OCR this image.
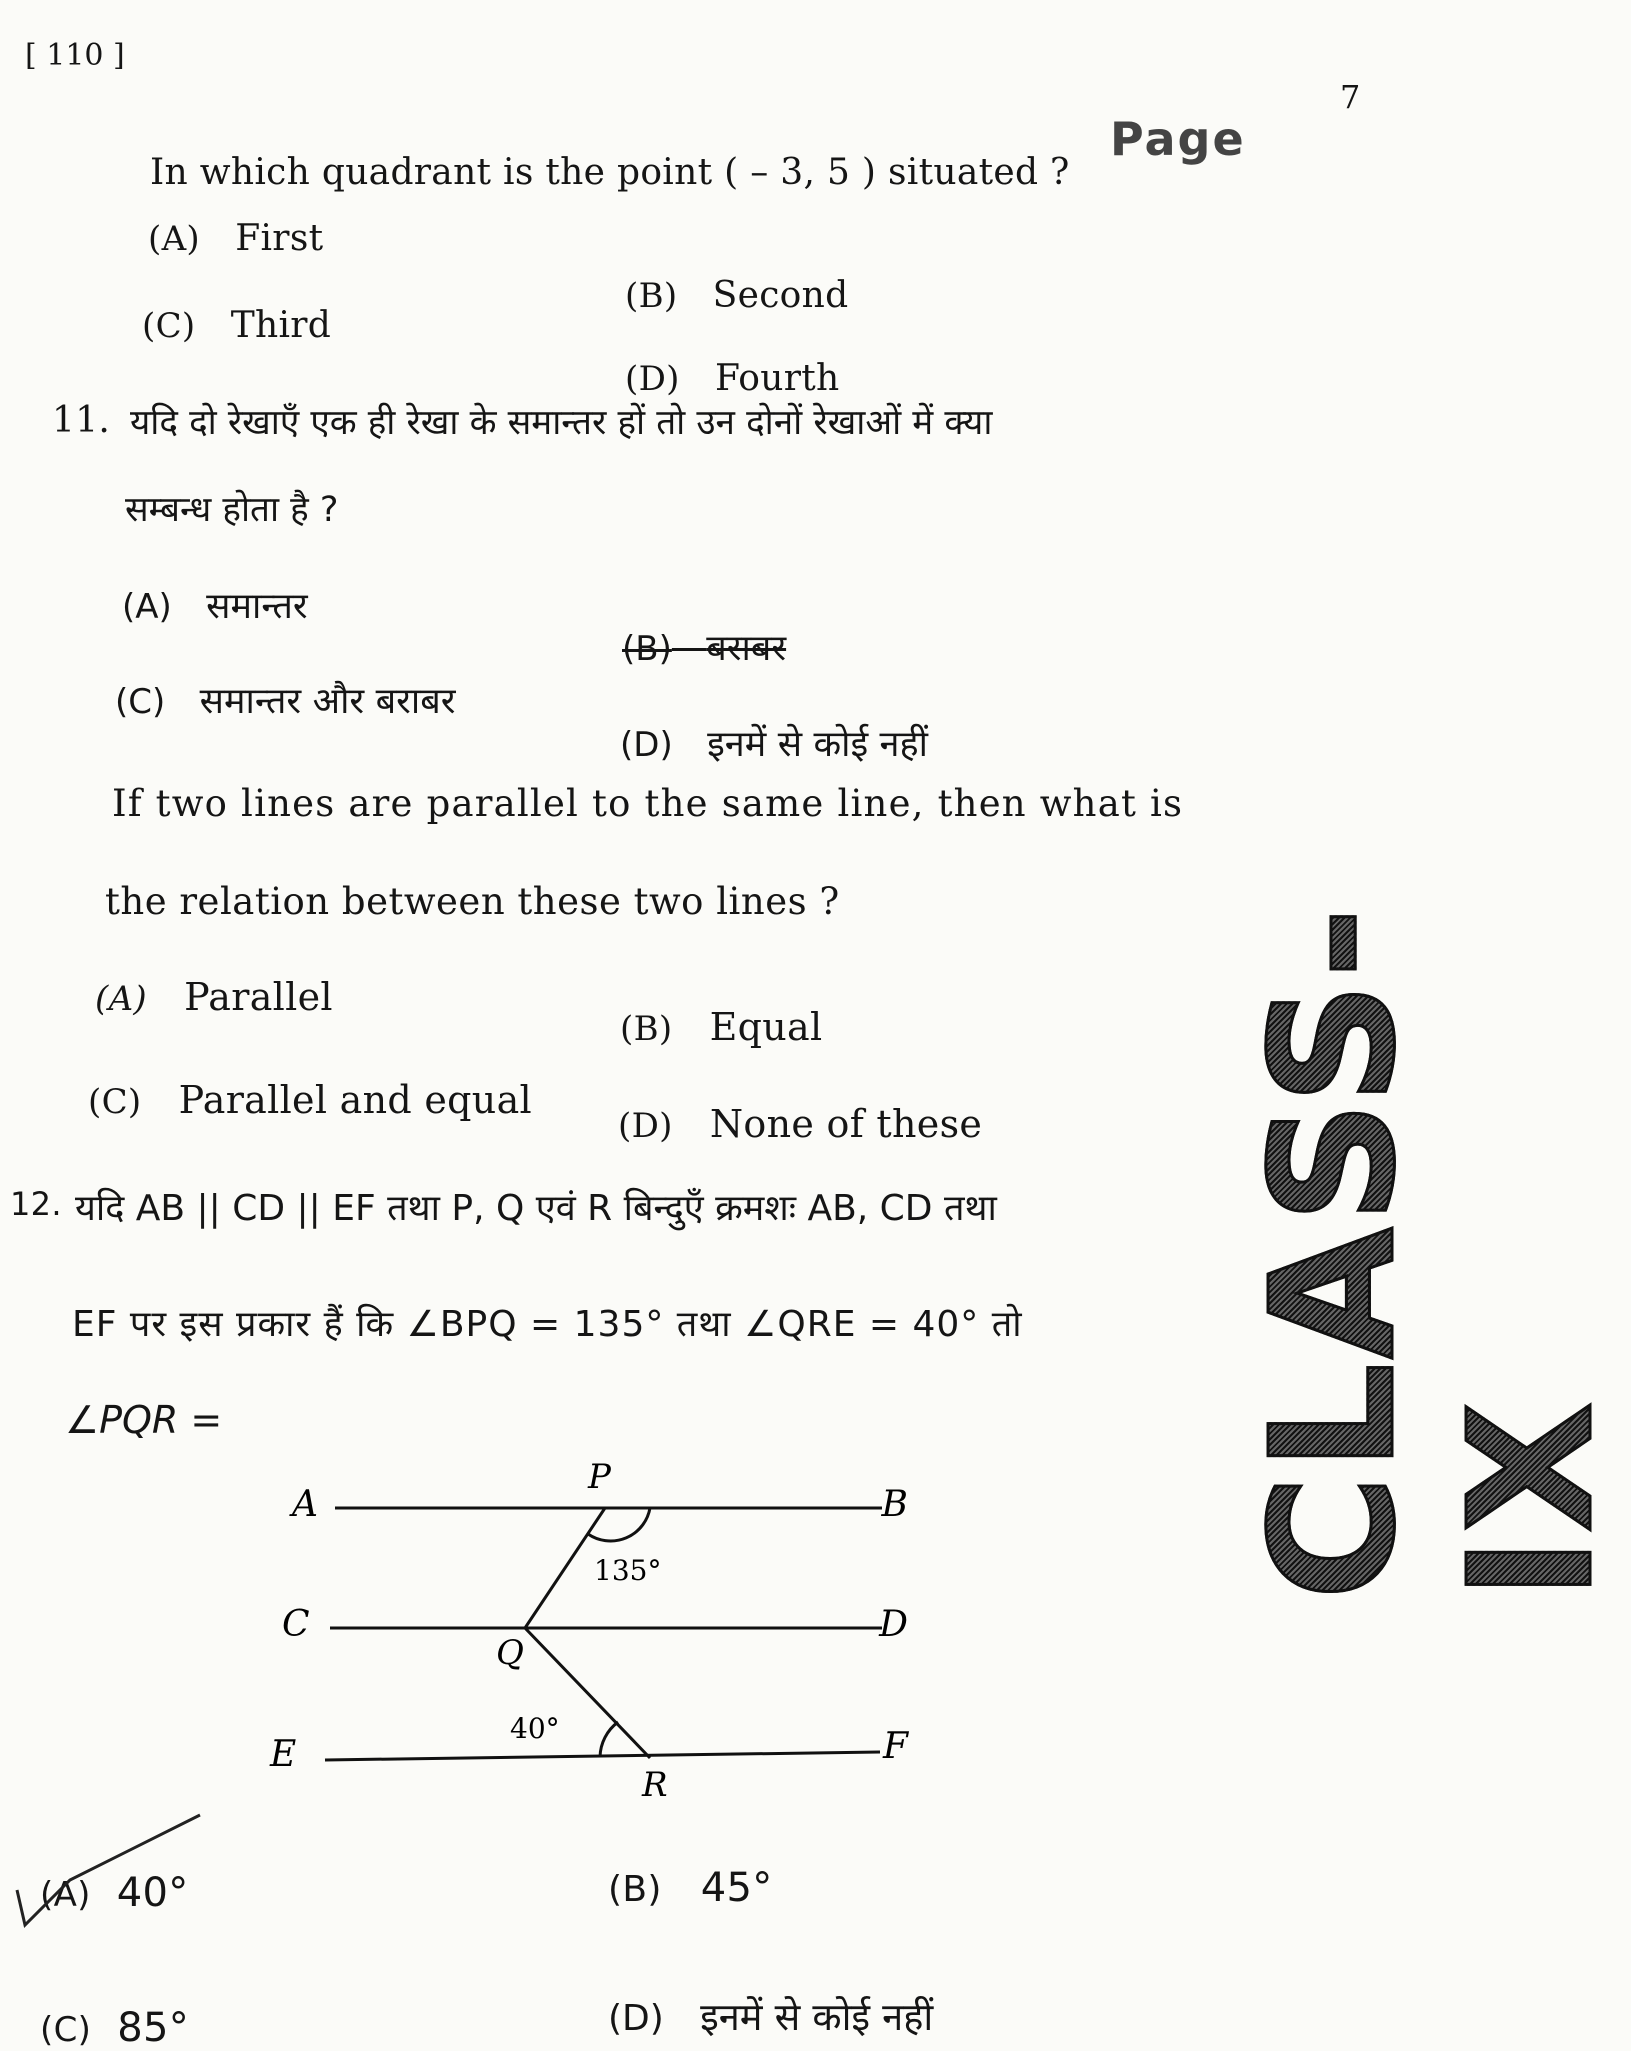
[ 110 ]
7
Page
CLASS-IX
In which quadrant is the point ( – 3, 5 ) situated ?
(A) First
(B) Second
(C) Third
(D) Fourth
11. यदि दो रेखाएँ एक ही रेखा के समान्तर हों तो उन दोनों रेखाओं में क्या
सम्बन्ध होता है ?
(A) समान्तर
(B) बराबर
(C) समान्तर और बराबर
(D) इनमें से कोई नहीं
If two lines are parallel to the same line, then what is
the relation between these two lines ?
(A) Parallel
(B) Equal
(C) Parallel and equal
(D) None of these
12. यदि AB || CD || EF तथा P, Q एवं R बिन्दुएँ क्रमशः AB, CD तथा
EF पर इस प्रकार हैं कि ∠BPQ = 135° तथा ∠QRE = 40° तो
∠PQR =
A	B
C	D
E	F
P
Q
R
135°
40°
(A) 40°	(B) 45°
(C) 85°	(D) इनमें से कोई नहीं
